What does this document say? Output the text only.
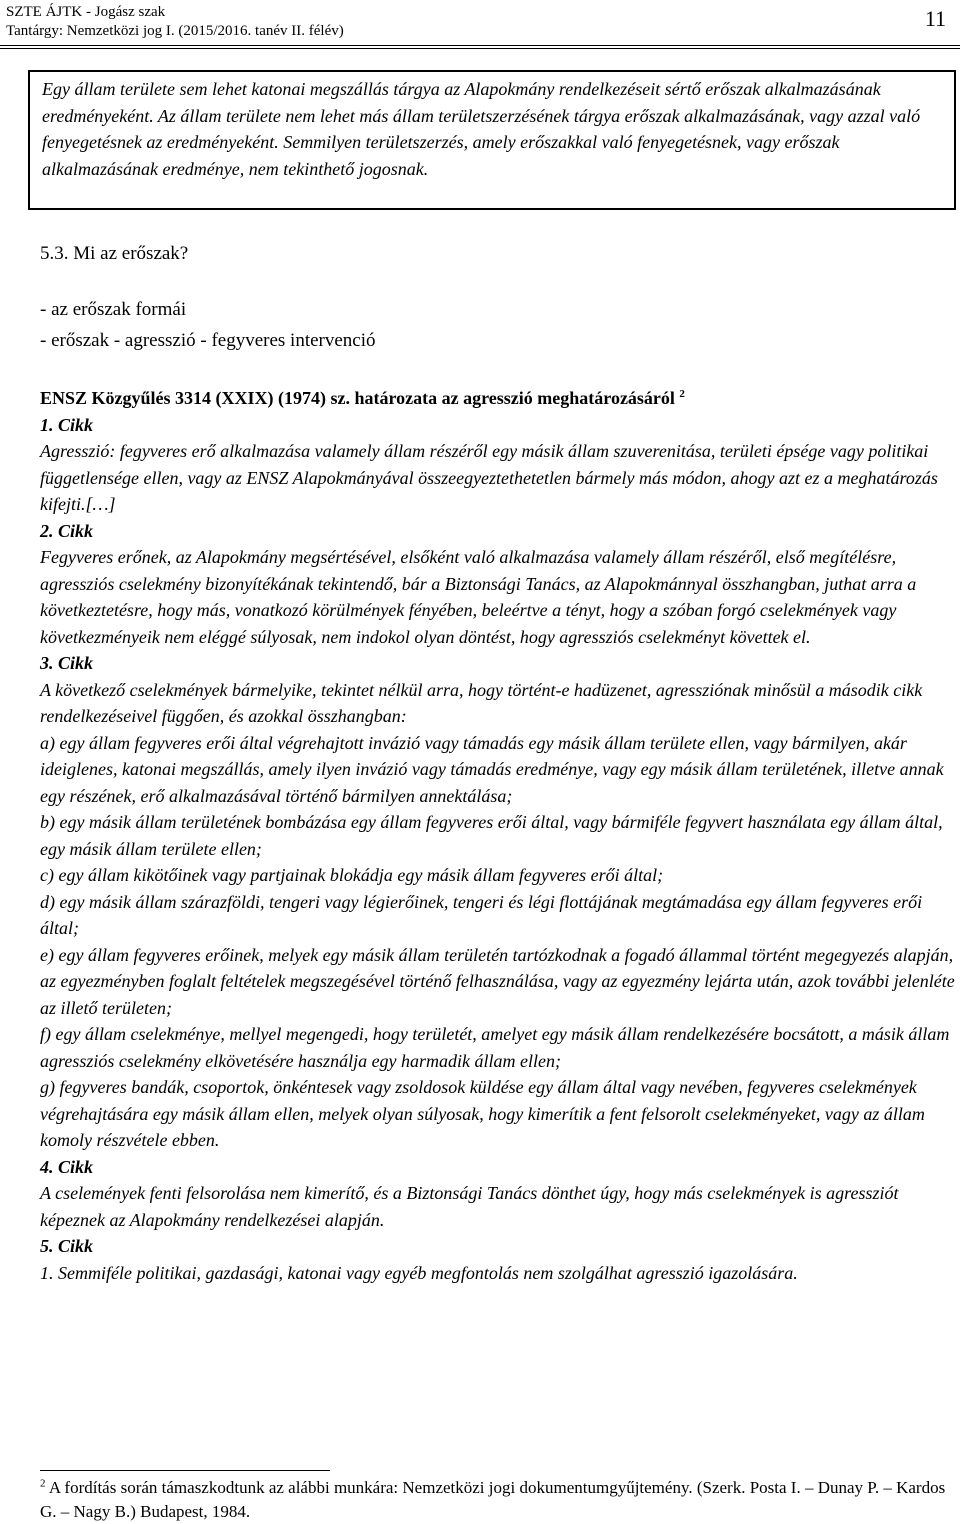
SZTE ÁJTK - Jogász szak
Tantárgy: Nemzetközi jog I. (2015/2016. tanév II. félév)	11
Egy állam területe sem lehet katonai megszállás tárgya az Alapokmány rendelkezéseit sértő erőszak alkalmazásának eredményeként. Az állam területe nem lehet más állam területszerzésének tárgya erőszak alkalmazásának, vagy azzal való fenyegetésnek az eredményeként. Semmilyen területszerzés, amely erőszakkal való fenyegetésnek, vagy erőszak alkalmazásának eredménye, nem tekinthető jogosnak.
5.3. Mi az erőszak?
- az erőszak formái
- erőszak - agresszió - fegyveres intervenció
ENSZ Közgyűlés 3314 (XXIX) (1974) sz. határozata az agresszió meghatározásáról $^2$
1. Cikk
Agresszió: fegyveres erő alkalmazása valamely állam részéről egy másik állam szuverenitása, területi épsége vagy politikai függetlensége ellen, vagy az ENSZ Alapokmányával összeegyeztethetetlen bármely más módon, ahogy azt ez a meghatározás kifejti.[…]
2. Cikk
Fegyveres erőnek, az Alapokmány megsértésével, elsőként való alkalmazása valamely állam részéről, első megítélésre, agressziós cselekmény bizonyítékának tekintendő, bár a Biztonsági Tanács, az Alapokmánnyal összhangban, juthat arra a következtetésre, hogy más, vonatkozó körülmények fényében, beleértve a tényt, hogy a szóban forgó cselekmények vagy következményeik nem eléggé súlyosak, nem indokol olyan döntést, hogy agressziós cselekményt követtek el.
3. Cikk
A következő cselekmények bármelyike, tekintet nélkül arra, hogy történt-e hadüzenet, agressziónak minősül a második cikk rendelkezéseivel függően, és azokkal összhangban:
a) egy állam fegyveres erői által végrehajtott invázió vagy támadás egy másik állam területe ellen, vagy bármilyen, akár ideiglenes, katonai megszállás, amely ilyen invázió vagy támadás eredménye, vagy egy másik állam területének, illetve annak egy részének, erő alkalmazásával történő bármilyen annektálása;
b) egy másik állam területének bombázása egy állam fegyveres erői által, vagy bármiféle fegyvert használata egy állam által, egy másik állam területe ellen;
c) egy állam kikötőinek vagy partjainak blokádja egy másik állam fegyveres erői által;
d) egy másik állam szárazföldi, tengeri vagy légierőinek, tengeri és légi flottájának megtámadása egy állam fegyveres erői által;
e) egy állam fegyveres erőinek, melyek egy másik állam területén tartózkodnak a fogadó állammal történt megegyezés alapján, az egyezményben foglalt feltételek megszegésével történő felhasználása, vagy az egyezmény lejárta után, azok további jelenléte az illető területen;
f) egy állam cselekménye, mellyel megengedi, hogy területét, amelyet egy másik állam rendelkezésére bocsátott, a másik állam agressziós cselekmény elkövetésére használja egy harmadik állam ellen;
g) fegyveres bandák, csoportok, önkéntesek vagy zsoldosok küldése egy állam által vagy nevében, fegyveres cselekmények végrehajtására egy másik állam ellen, melyek olyan súlyosak, hogy kimerítik a fent felsorolt cselekményeket, vagy az állam komoly részvétele ebben.
4. Cikk
A cselemények fenti felsorolása nem kimerítő, és a Biztonsági Tanács dönthet úgy, hogy más cselekmények is agressziót képeznek az Alapokmány rendelkezései alapján.
5. Cikk
1. Semmiféle politikai, gazdasági, katonai vagy egyéb megfontolás nem szolgálhat agresszió igazolására.
$^2$ A fordítás során támaszkodtunk az alábbi munkára: Nemzetközi jogi dokumentumgyűjtemény. (Szerk. Posta I. – Dunay P. – Kardos G. – Nagy B.) Budapest, 1984.
